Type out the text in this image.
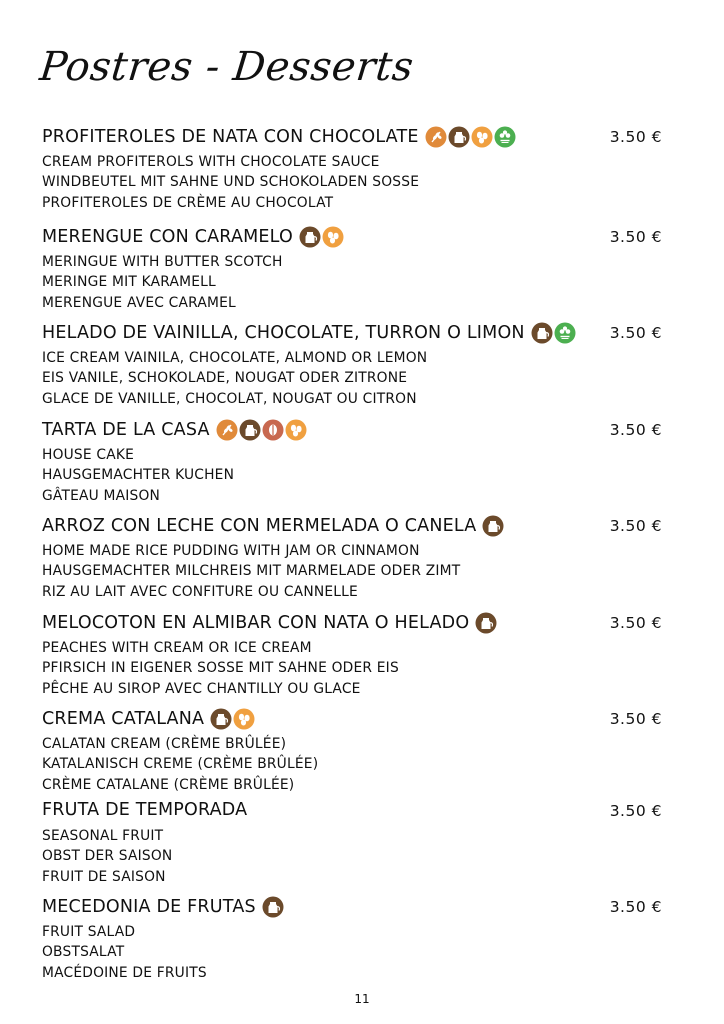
Postres - Desserts
PROFITEROLES DE NATA CON CHOCOLATE	3.50 €
CREAM PROFITEROLS WITH CHOCOLATE SAUCE
WINDBEUTEL MIT SAHNE UND SCHOKOLADEN SOSSE
PROFITEROLES DE CRÈME AU CHOCOLAT
MERENGUE CON CARAMELO	3.50 €
MERINGUE WITH BUTTER SCOTCH
MERINGE MIT KARAMELL
MERENGUE AVEC CARAMEL
HELADO DE VAINILLA, CHOCOLATE, TURRON O LIMON	3.50 €
ICE CREAM VAINILA, CHOCOLATE, ALMOND OR LEMON
EIS VANILE, SCHOKOLADE, NOUGAT ODER ZITRONE
GLACE DE VANILLE, CHOCOLAT, NOUGAT OU CITRON
TARTA DE LA CASA	3.50 €
HOUSE CAKE
HAUSGEMACHTER KUCHEN
GÂTEAU MAISON
ARROZ CON LECHE CON MERMELADA O CANELA	3.50 €
HOME MADE RICE PUDDING WITH JAM OR CINNAMON
HAUSGEMACHTER MILCHREIS MIT MARMELADE ODER ZIMT
RIZ AU LAIT AVEC CONFITURE OU CANNELLE
MELOCOTON EN ALMIBAR CON NATA O HELADO	3.50 €
PEACHES WITH CREAM OR ICE CREAM
PFIRSICH IN EIGENER SOSSE MIT SAHNE ODER EIS
PÊCHE AU SIROP AVEC CHANTILLY OU GLACE
CREMA CATALANA	3.50 €
CALATAN CREAM (CRÈME BRÛLÉE)
KATALANISCH CREME (CRÈME BRÛLÉE)
CRÈME CATALANE (CRÈME BRÛLÉE)
FRUTA DE TEMPORADA	3.50 €
SEASONAL FRUIT
OBST DER SAISON
FRUIT DE SAISON
MECEDONIA DE FRUTAS	3.50 €
FRUIT SALAD
OBSTSALAT
MACÉDOINE DE FRUITS
11
